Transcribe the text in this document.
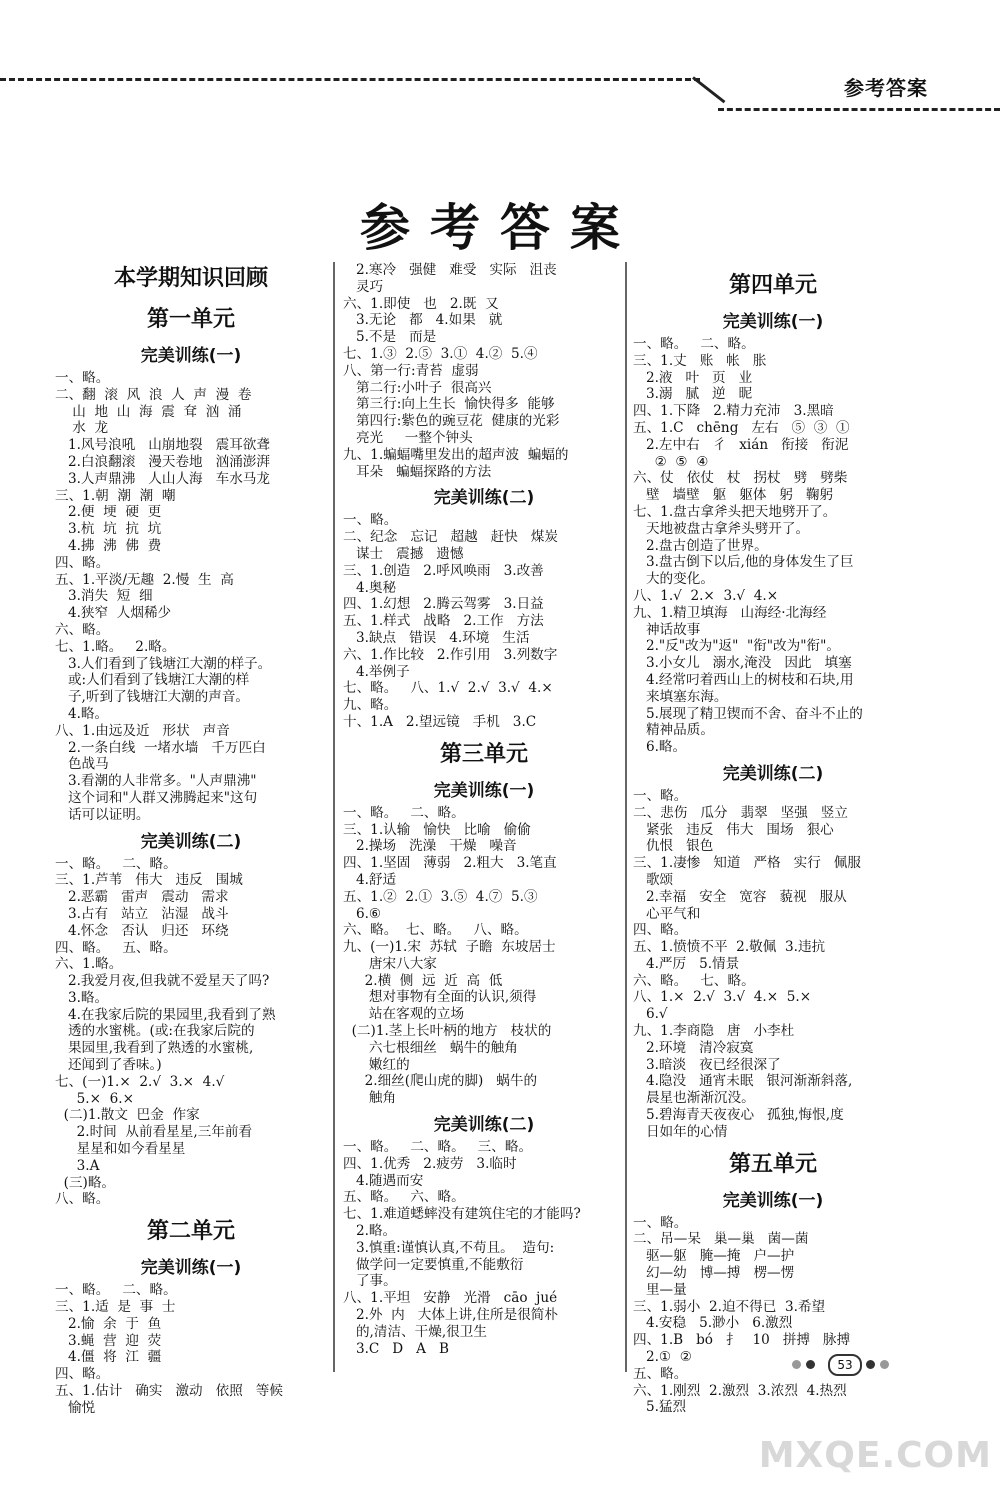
参考答案
参考答案
本学期知识回顾
第一单元
完美训练(一)
一、略。
二、翻  滚  风  浪  人  声  漫  卷
山  地  山  海  震  耷  汹  涌
水  龙
1.风号浪吼   山崩地裂   震耳欲聋
2.白浪翻滚   漫天卷地   汹涌澎湃
3.人声鼎沸   人山人海   车水马龙
三、1.朝  潮  潮  嘲
2.便  埂  硬  更
3.杭  坑  抗  坑
4.拂  沸  佛  费
四、略。
五、1.平淡/无趣  2.慢  生  高
3.消失  短  细
4.狭窄  人烟稀少
六、略。
七、1.略。   2.略。
3.人们看到了钱塘江大潮的样子。
或:人们看到了钱塘江大潮的样
子,听到了钱塘江大潮的声音。
4.略。
八、1.由远及近   形状   声音
2.一条白线  一堵水墙   千万匹白
色战马
3.看潮的人非常多。"人声鼎沸"
这个词和"人群又沸腾起来"这句
话可以证明。
完美训练(二)
一、略。   二、略。
三、1.芦苇   伟大   违反   围城
2.恶霸   雷声   震动   需求
3.占有   站立   沾湿   战斗
4.怀念   否认   归还   环绕
四、略。   五、略。
六、1.略。
2.我爱月夜,但我就不爱星天了吗?
3.略。
4.在我家后院的果园里,我看到了熟
透的水蜜桃。(或:在我家后院的
果园里,我看到了熟透的水蜜桃,
还闻到了香味。)
七、(一)1.×  2.√  3.×  4.√
5.×  6.×
(二)1.散文  巴金  作家
2.时间  从前看星星,三年前看
星星和如今看星星
3.A
(三)略。
八、略。
第二单元
完美训练(一)
一、略。   二、略。
三、1.适  是  事  士
2.愉  余  于  鱼
3.蝇  营  迎  荧
4.僵  将  江  疆
四、略。
五、1.估计   确实   激动   依照   等候
愉悦
2.寒冷   强健   难受   实际   沮丧
灵巧
六、1.即使   也   2.既  又
3.无论   都   4.如果   就
5.不是   而是
七、1.③  2.⑤  3.①  4.②  5.④
八、第一行:青苔  虚弱
第二行:小叶子  很高兴
第三行:向上生长  愉快得多  能够
第四行:紫色的豌豆花  健康的光彩
亮光     一整个钟头
九、1.蝙蝠嘴里发出的超声波  蝙蝠的
耳朵   蝙蝠探路的方法
完美训练(二)
一、略。
二、纪念   忘记   超越   赶快   煤炭
谋士   震撼   遗憾
三、1.创造   2.呼风唤雨   3.改善
4.奥秘
四、1.幻想   2.腾云驾雾   3.日益
五、1.样式   战略   2.工作   方法
3.缺点   错误   4.环境   生活
六、1.作比较   2.作引用   3.列数字
4.举例子
七、略。   八、1.√  2.√  3.√  4.×
九、略。
十、1.A   2.望远镜   手机   3.C
第三单元
完美训练(一)
一、略。   二、略。
三、1.认输   愉快   比喻   偷偷
2.操场   洗澡   干燥   噪音
四、1.坚固   薄弱   2.粗大   3.笔直
4.舒适
五、1.②  2.①  3.⑤  4.⑦  5.③
6.⑥
六、略。  七、略。   八、略。
九、(一)1.宋  苏轼  子瞻  东坡居士
唐宋八大家
2.横  侧  远  近  高  低
想对事物有全面的认识,须得
站在客观的立场
(二)1.茎上长叶柄的地方   枝状的
六七根细丝   蜗牛的触角
嫩红的
2.细丝(爬山虎的脚)   蜗牛的
触角
完美训练(二)
一、略。   二、略。   三、略。
四、1.优秀   2.疲劳   3.临时
4.随遇而安
五、略。   六、略。
七、1.难道蟋蟀没有建筑住宅的才能吗?
2.略。
3.慎重:谨慎认真,不苟且。  造句:
做学问一定要慎重,不能敷衍
了事。
八、1.平坦   安静   光滑   cāo  jué
2.外  内   大体上讲,住所是很简朴
的,清洁、干燥,很卫生
3.C   D   A   B
第四单元
完美训练(一)
一、略。   二、略。
三、1.丈   账   帐   胀
2.液   叶   页   业
3.溺   腻   逆   昵
四、1.下降   2.精力充沛   3.黑暗
五、1.C   chēng   左右   ⑤  ③  ①
2.左中右   彳   xián   衔接   衔泥
②  ⑤  ④
六、仗   依仗   杖   拐杖   劈   劈柴
壁   墙壁   躯   躯体   躬   鞠躬
七、1.盘古拿斧头把天地劈开了。
天地被盘古拿斧头劈开了。
2.盘古创造了世界。
3.盘古倒下以后,他的身体发生了巨
大的变化。
八、1.√  2.×  3.√  4.×
九、1.精卫填海   山海经·北海经
神话故事
2."反"改为"返"  "衔"改为"衔"。
3.小女儿   溺水,淹没   因此   填塞
4.经常叼着西山上的树枝和石块,用
来填塞东海。
5.展现了精卫锲而不舍、奋斗不止的
精神品质。
6.略。
完美训练(二)
一、略。
二、悲伤   瓜分   翡翠   坚强   竖立
紧张   违反   伟大   围场   狠心
仇恨   银色
三、1.凄惨   知道   严格   实行   佩服
歌颂
2.幸福   安全   宽容   藐视   服从
心平气和
四、略。
五、1.愤愤不平  2.敬佩  3.违抗
4.严厉   5.情景
六、略。   七、略。
八、1.×  2.√  3.√  4.×  5.×
6.√
九、1.李商隐   唐   小李杜
2.环境   清冷寂寞
3.暗淡   夜已经很深了
4.隐没   通宵未眠   银河渐渐斜落,
晨星也渐渐沉没。
5.碧海青天夜夜心   孤独,悔恨,度
日如年的心情
第五单元
完美训练(一)
一、略。
二、吊—呆   巢—巢   菌—菌
驱—躯   腌—掩   户—护
幻—幼   博—搏   楞—愣
里—量
三、1.弱小  2.迫不得已  3.希望
4.安稳   5.渺小   6.激烈
四、1.B   bó   扌   10   拼搏   脉搏
2.①  ②
五、略。
六、1.刚烈  2.激烈  3.浓烈  4.热烈
5.猛烈
53
MXQE.COM
